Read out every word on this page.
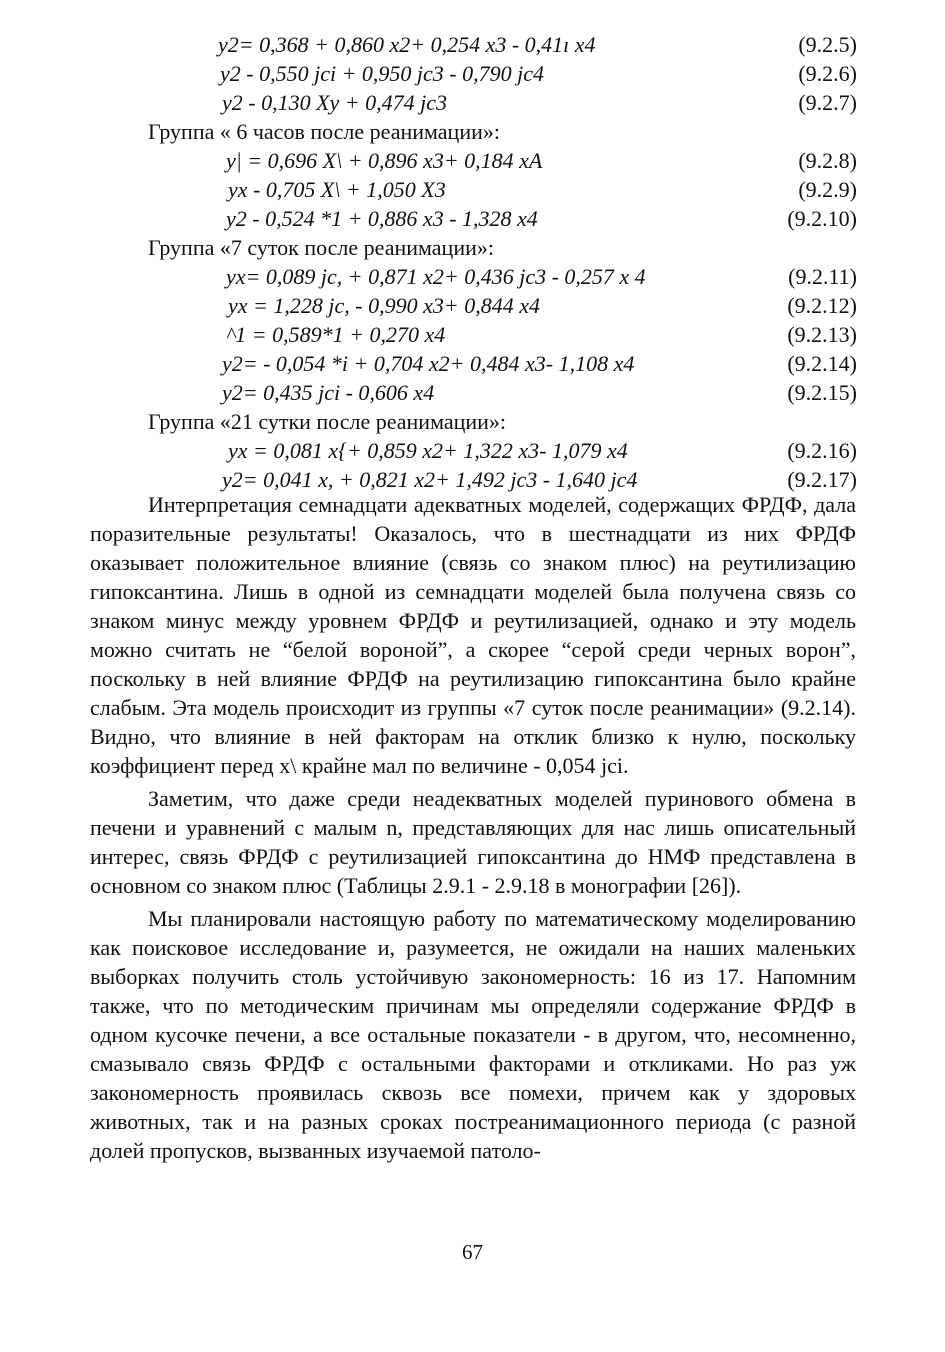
y2= 0,368 + 0,860 x2+ 0,254 x3 - 0,41ı x4	(9.2.5)
y2 - 0,550 jci + 0,950 jc3 - 0,790 jc4	(9.2.6)
y2 - 0,130 Xy + 0,474 jc3	(9.2.7)
Группа « 6 часов после реанимации»:
y| = 0,696 X\ + 0,896 x3+ 0,184 xA	(9.2.8)
yx - 0,705 X\ + 1,050 X3	(9.2.9)
y2 - 0,524 *1 + 0,886 x3 - 1,328 x4	(9.2.10)
Группа «7 суток после реанимации»:
yx= 0,089 jc, + 0,871 x2+ 0,436 jc3 - 0,257 x 4	(9.2.11)
yx = 1,228 jc, - 0,990 x3+ 0,844 x4	(9.2.12)
^1 = 0,589*1 + 0,270 x4	(9.2.13)
y2= - 0,054 *i + 0,704 x2+ 0,484 x3- 1,108 x4	(9.2.14)
y2= 0,435 jci - 0,606 x4	(9.2.15)
Группа «21 сутки после реанимации»:
yx = 0,081 x{+ 0,859 x2+ 1,322 x3- 1,079 x4	(9.2.16)
y2= 0,041 x, + 0,821 x2+ 1,492 jc3 - 1,640 jc4	(9.2.17)

Интерпретация семнадцати адекватных моделей, содержащих ФРДФ, дала поразительные результаты! Оказалось, что в шестнадцати из них ФРДФ оказывает положительное влияние (связь со знаком плюс) на реутилизацию гипоксантина. Лишь в одной из семнадцати моделей была получена связь со знаком минус между уровнем ФРДФ и реутилизацией, однако и эту модель можно считать не “белой вороной”, а скорее “серой среди черных ворон”, поскольку в ней влияние ФРДФ на реутилизацию гипоксантина было крайне слабым. Эта модель происходит из группы «7 суток после реанимации» (9.2.14). Видно, что влияние в ней факторам на отклик близко к нулю, поскольку коэффициент перед x\ крайне мал по величине - 0,054 jci.

Заметим, что даже среди неадекватных моделей пуринового обмена в печени и уравнений с малым n, представляющих для нас лишь описательный интерес, связь ФРДФ с реутилизацией гипоксантина до НМФ представлена в основном со знаком плюс (Таблицы 2.9.1 - 2.9.18 в монографии [26]).

Мы планировали настоящую работу по математическому моделированию как поисковое исследование и, разумеется, не ожидали на наших маленьких выборках получить столь устойчивую закономерность: 16 из 17. Напомним также, что по методическим причинам мы определяли содержание ФРДФ в одном кусочке печени, а все остальные показатели - в другом, что, несомненно, смазывало связь ФРДФ с остальными факторами и откликами. Но раз уж закономерность проявилась сквозь все помехи, причем как у здоровых животных, так и на разных сроках постреанимационного периода (с разной долей пропусков, вызванных изучаемой патоло-

67
